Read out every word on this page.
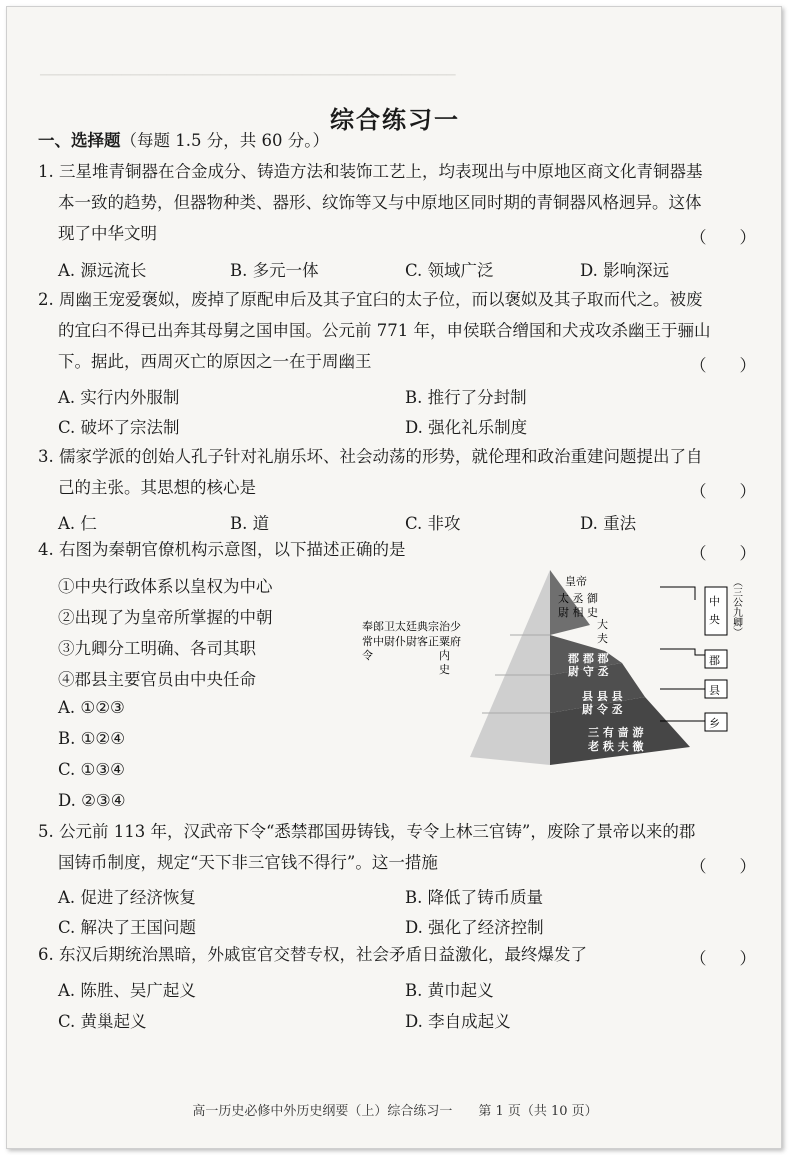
──────────────────────────────────────────────

综合练习一
一、选择题（每题 1.5 分，共 60 分。）
1. 三星堆青铜器在合金成分、铸造方法和装饰工艺上，均表现出与中原地区商文化青铜器基
本一致的趋势，但器物种类、器形、纹饰等又与中原地区同时期的青铜器风格迥异。这体
现了中华文明	（　　）
A. 源远流长	B. 多元一体	C. 领域广泛	D. 影响深远
2. 周幽王宠爱褒姒，废掉了原配申后及其子宜臼的太子位，而以褒姒及其子取而代之。被废
的宜臼不得已出奔其母舅之国申国。公元前 771 年，申侯联合缯国和犬戎攻杀幽王于骊山
下。据此，西周灭亡的原因之一在于周幽王	（　　）
A. 实行内外服制	B. 推行了分封制
C. 破坏了宗法制	D. 强化礼乐制度
3. 儒家学派的创始人孔子针对礼崩乐坏、社会动荡的形势，就伦理和政治重建问题提出了自
己的主张。其思想的核心是	（　　）
A. 仁	B. 道	C. 非攻	D. 重法
4. 右图为秦朝官僚机构示意图，以下描述正确的是	（　　）
①中央行政体系以皇权为中心
②出现了为皇帝所掌握的中朝
③九卿分工明确、各司其职
④郡县主要官员由中央任命
A. ①②③
B. ①②④
C. ①③④
D. ②③④
皇帝
太 丞 御
尉 相 史
大
夫
奉郎卫太廷典宗治少
常中尉仆尉客正粟府
令　　　　　　内
　　　　　　　史
郡 郡 郡
尉 守 丞
县 县 县
尉 令 丞
三 有 啬 游
老 秩 夫 徼
中
央
郡
县
乡
（三公九卿）
5. 公元前 113 年，汉武帝下令“悉禁郡国毋铸钱，专令上林三官铸”，废除了景帝以来的郡
国铸币制度，规定“天下非三官钱不得行”。这一措施	（　　）
A. 促进了经济恢复	B. 降低了铸币质量
C. 解决了王国问题	D. 强化了经济控制
6. 东汉后期统治黑暗，外戚宦官交替专权，社会矛盾日益激化，最终爆发了	（　　）
A. 陈胜、吴广起义	B. 黄巾起义
C. 黄巢起义	D. 李自成起义
高一历史必修中外历史纲要（上）综合练习一　　第 1 页（共 10 页）
